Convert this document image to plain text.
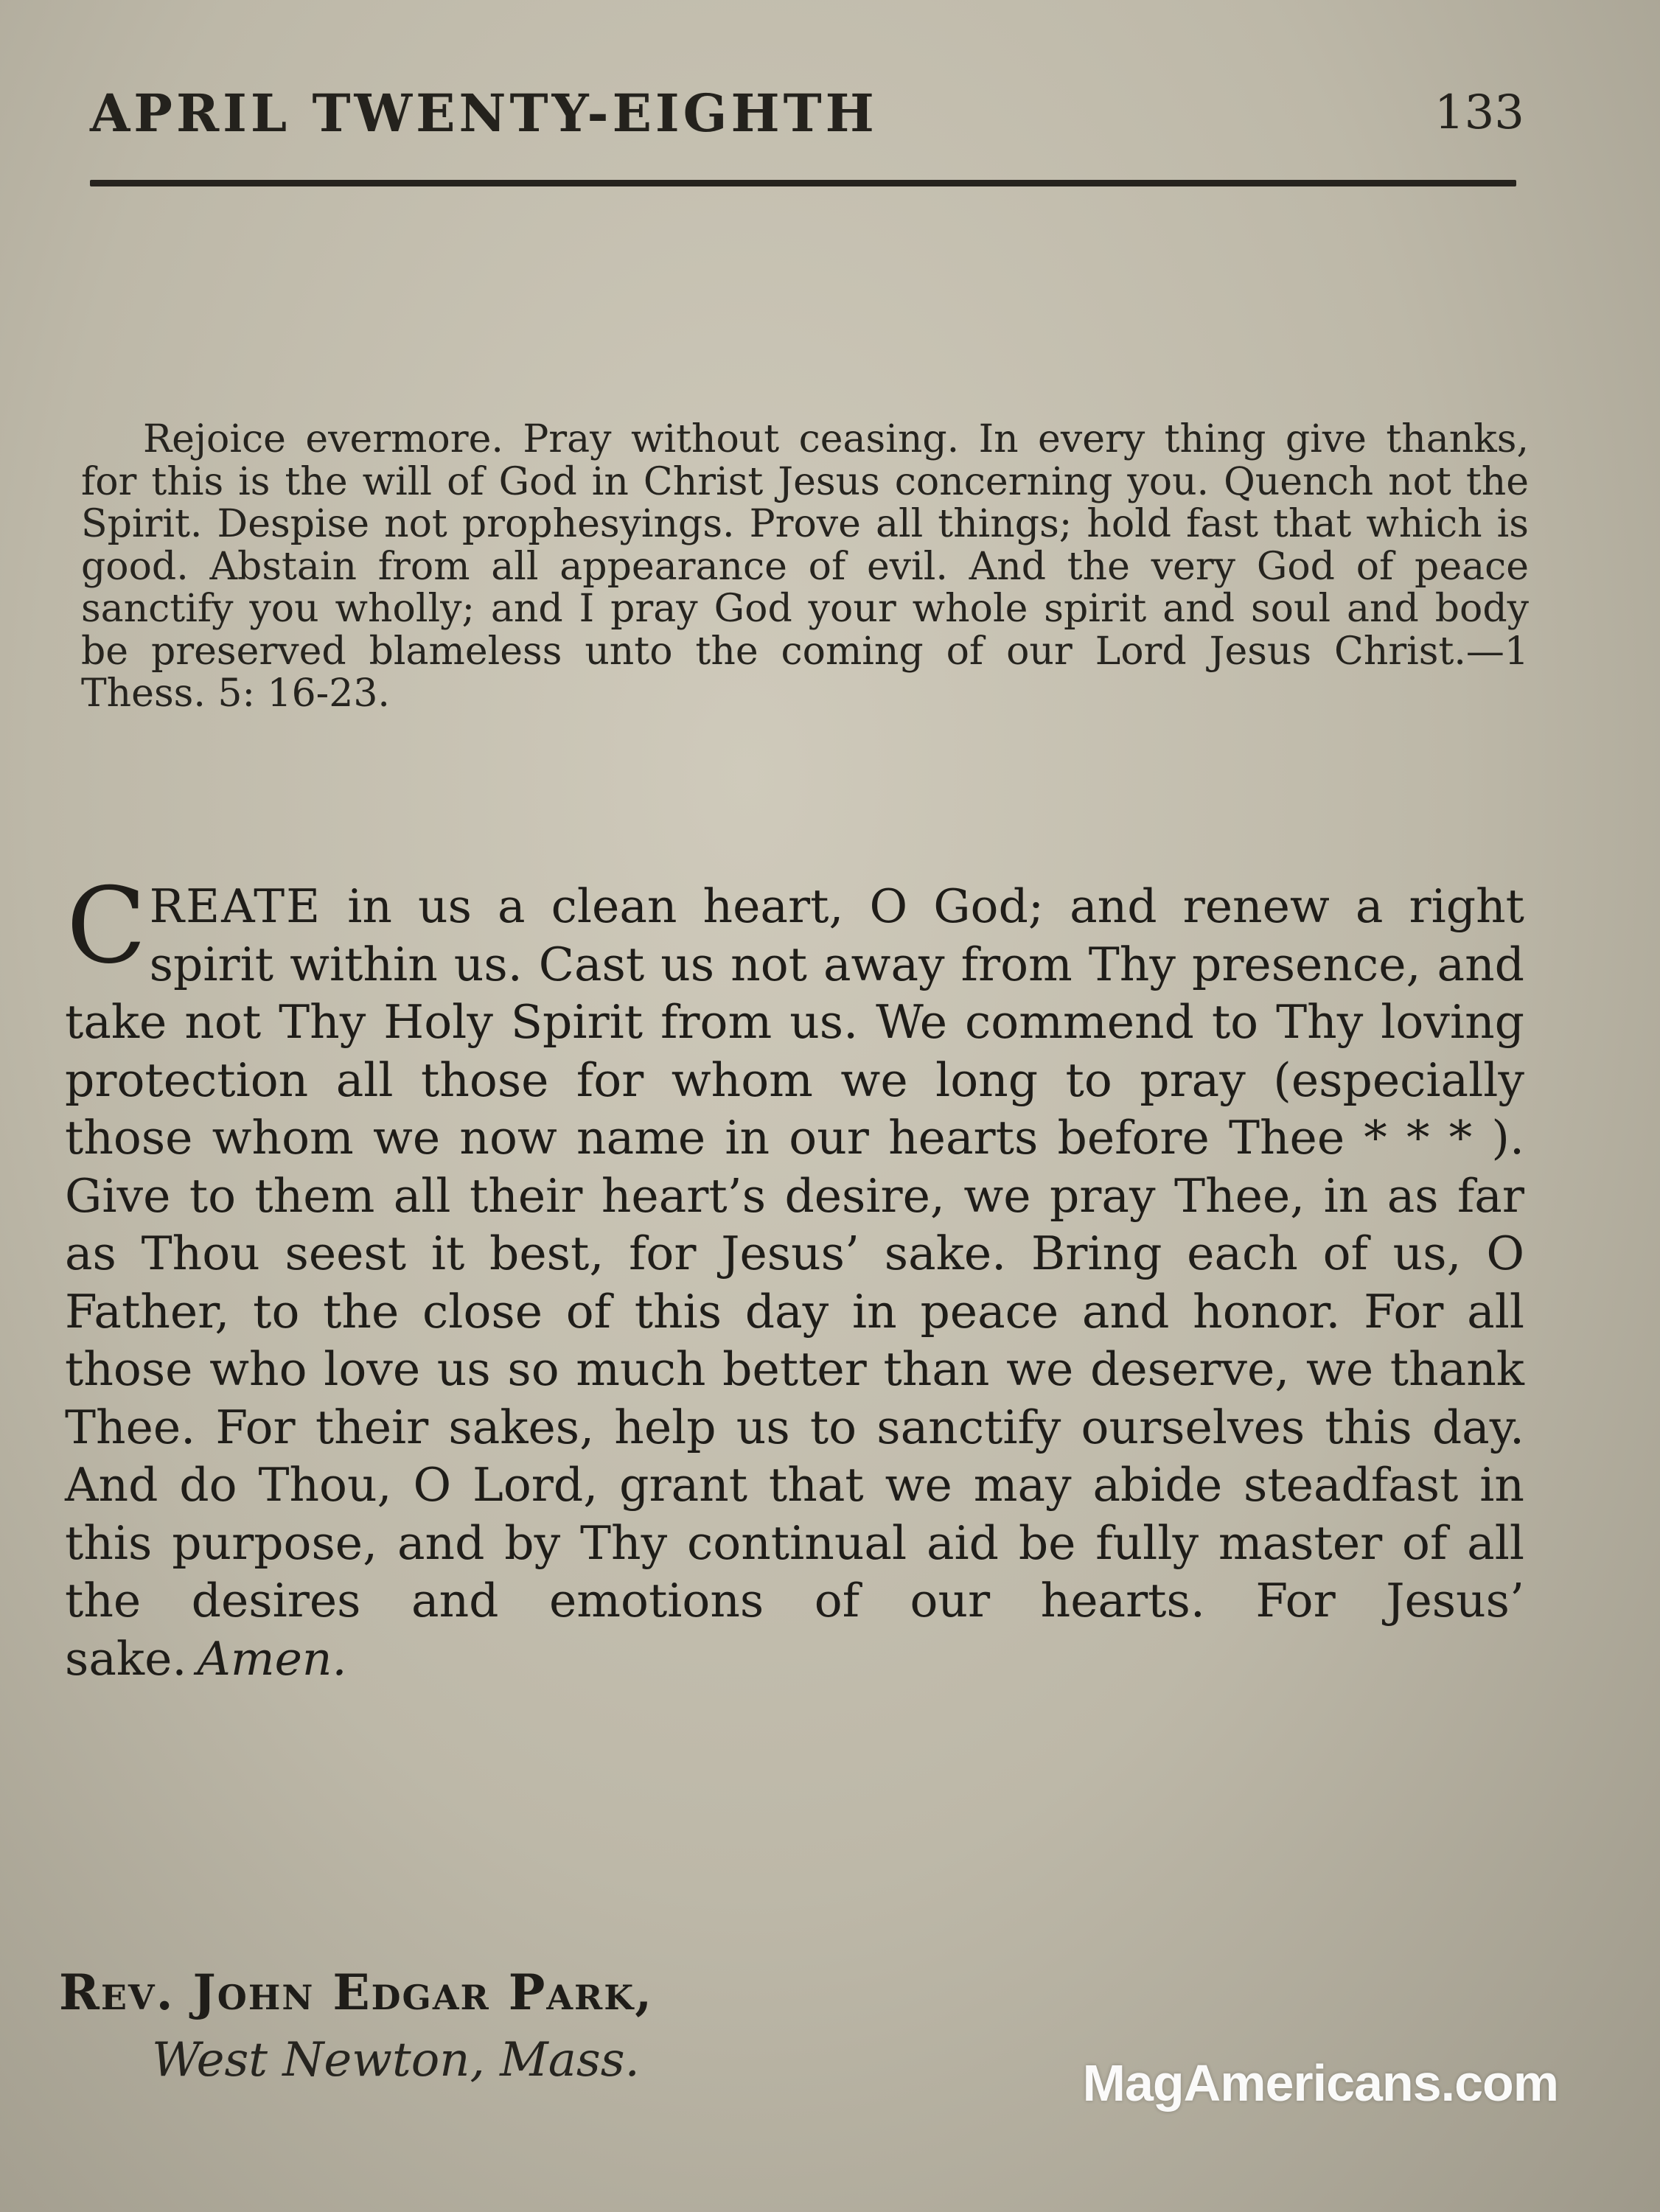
APRIL TWENTY-EIGHTH	133

Rejoice evermore. Pray without ceasing. In every thing give thanks, for this is the will of God in Christ Jesus concerning you. Quench not the Spirit. Despise not prophesyings. Prove all things; hold fast that which is good. Abstain from all appearance of evil. And the very God of peace sanctify you wholly; and I pray God your whole spirit and soul and body be preserved blameless unto the coming of our Lord Jesus Christ.—1 Thess. 5: 16-23.

CREATE in us a clean heart, O God; and renew a right spirit within us. Cast us not away from Thy presence, and take not Thy Holy Spirit from us. We commend to Thy loving protection all those for whom we long to pray (especially those whom we now name in our hearts before Thee * * * ). Give to them all their heart’s desire, we pray Thee, in as far as Thou seest it best, for Jesus’ sake. Bring each of us, O Father, to the close of this day in peace and honor. For all those who love us so much better than we deserve, we thank Thee. For their sakes, help us to sanctify ourselves this day. And do Thou, O Lord, grant that we may abide steadfast in this purpose, and by Thy continual aid be fully master of all the desires and emotions of our hearts. For Jesus’ sake. Amen.

Rev. John Edgar Park,
West Newton, Mass.	MagAmericans.com
